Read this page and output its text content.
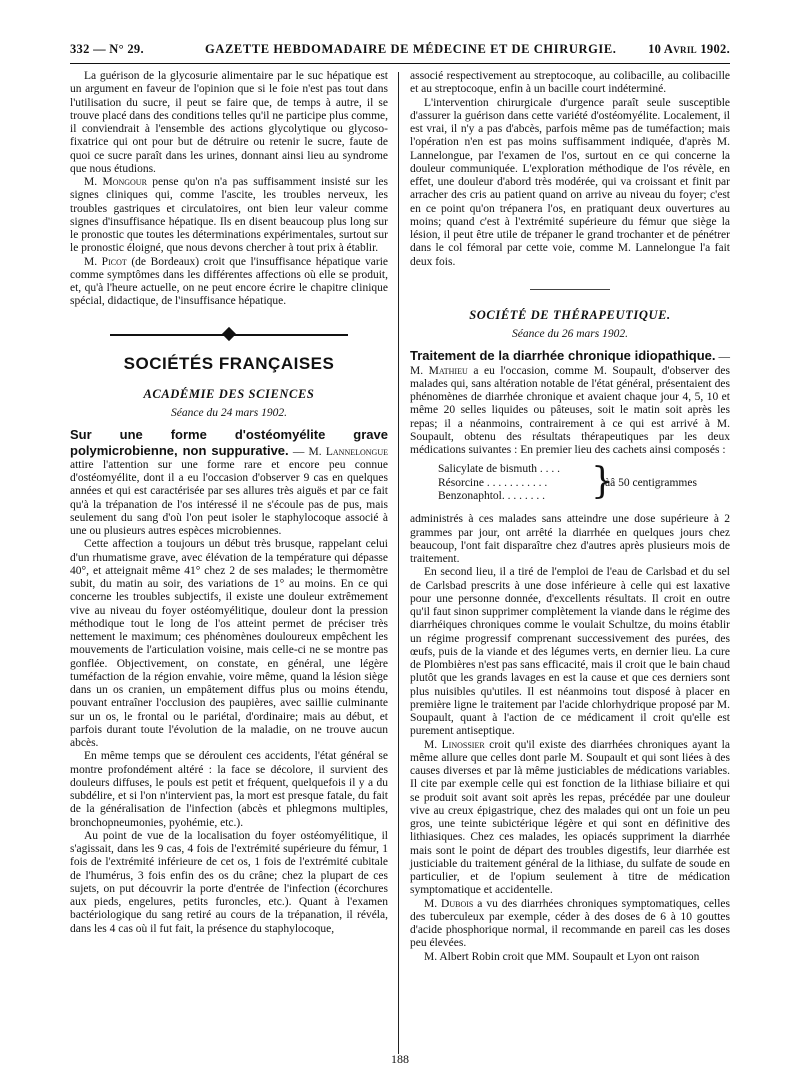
332 — N° 29.	GAZETTE HEBDOMADAIRE DE MÉDECINE ET DE CHIRURGIE.	10 Avril 1902.

La guérison de la glycosurie alimentaire par le suc hépatique est un argument en faveur de l'opinion que si le foie n'est pas tout dans l'utilisation du sucre, il peut se faire que, de temps à autre, il se trouve placé dans des conditions telles qu'il ne participe plus comme, il conviendrait à l'ensemble des actions glycolytique ou glycoso-fixatrice qui ont pour but de détruire ou retenir le sucre, faute de quoi ce sucre paraît dans les urines, donnant ainsi lieu au syndrome que nous étudions.

M. Mongour pense qu'on n'a pas suffisamment insisté sur les signes cliniques qui, comme l'ascite, les troubles nerveux, les troubles gastriques et circulatoires, ont bien leur valeur comme signes d'insuffisance hépatique. Ils en disent beaucoup plus long sur le pronostic que toutes les déterminations expérimentales, surtout sur le pronostic éloigné, que nous devons chercher à tout prix à établir.

M. Picot (de Bordeaux) croit que l'insuffisance hépatique varie comme symptômes dans les différentes affections où elle se produit, et, qu'à l'heure actuelle, on ne peut encore écrire le chapitre clinique spécial, didactique, de l'insuffisance hépatique.

SOCIÉTÉS FRANÇAISES
ACADÉMIE DES SCIENCES
Séance du 24 mars 1902.

Sur une forme d'ostéomyélite grave polymicrobienne, non suppurative. — M. Lannelongue attire l'attention sur une forme rare et encore peu connue d'ostéomyélite, dont il a eu l'occasion d'observer 9 cas en quelques années et qui est caractérisée par ses allures très aiguës et par ce fait qu'à la trépanation de l'os intéressé il ne s'écoule pas de pus, mais seulement du sang d'où l'on peut isoler le staphylocoque associé à une ou plusieurs autres espèces microbiennes.

Cette affection a toujours un début très brusque, rappelant celui d'un rhumatisme grave, avec élévation de la température qui dépasse 40°, et atteignait même 41° chez 2 de ses malades; le thermomètre subit, du matin au soir, des variations de 1° au moins. En ce qui concerne les troubles subjectifs, il existe une douleur extrêmement vive au niveau du foyer ostéomyélitique, douleur dont la pression méthodique tout le long de l'os atteint permet de préciser très nettement le maximum; ces phénomènes douloureux empêchent les mouvements de l'articulation voisine, mais celle-ci ne se montre pas gonflée. Objectivement, on constate, en général, une légère tuméfaction de la région envahie, voire même, quand la lésion siège dans un os cranien, un empâtement diffus plus ou moins étendu, pouvant entraîner l'occlusion des paupières, avec saillie culminante sur un os, le frontal ou le pariétal, d'ordinaire; mais au début, et parfois durant toute l'évolution de la maladie, on ne trouve aucun abcès.

En même temps que se déroulent ces accidents, l'état général se montre profondément altéré : la face se décolore, il survient des douleurs diffuses, le pouls est petit et fréquent, quelquefois il y a du subdélire, et si l'on n'intervient pas, la mort est presque fatale, du fait de la généralisation de l'infection (abcès et phlegmons multiples, bronchopneumonies, pyohémie, etc.).

Au point de vue de la localisation du foyer ostéomyélitique, il s'agissait, dans les 9 cas, 4 fois de l'extrémité supérieure du fémur, 1 fois de l'extrémité inférieure de cet os, 1 fois de l'extrémité cubitale de l'humérus, 3 fois enfin des os du crâne; chez la plupart de ces sujets, on put découvrir la porte d'entrée de l'infection (écorchures aux pieds, engelures, petits furoncles, etc.). Quant à l'examen bactériologique du sang retiré au cours de la trépanation, il révéla, dans les 4 cas où il fut fait, la présence du staphylocoque,

associé respectivement au streptocoque, au colibacille, au colibacille et au streptocoque, enfin à un bacille court indéterminé.

L'intervention chirurgicale d'urgence paraît seule susceptible d'assurer la guérison dans cette variété d'ostéomyélite. Localement, il est vrai, il n'y a pas d'abcès, parfois même pas de tuméfaction; mais l'opération n'en est pas moins suffisamment indiquée, d'après M. Lannelongue, par l'examen de l'os, surtout en ce qui concerne la douleur communiquée. L'exploration méthodique de l'os révèle, en effet, une douleur d'abord très modérée, qui va croissant et finit par arracher des cris au patient quand on arrive au niveau du foyer; c'est en ce point qu'on trépanera l'os, en pratiquant deux ouvertures au moins; quand c'est à l'extrémité supérieure du fémur que siège la lésion, il peut être utile de trépaner le grand trochanter et de pénétrer dans le col fémoral par cette voie, comme M. Lannelongue l'a fait deux fois.

SOCIÉTÉ DE THÉRAPEUTIQUE.
Séance du 26 mars 1902.

Traitement de la diarrhée chronique idiopathique. — M. Mathieu a eu l'occasion, comme M. Soupault, d'observer des malades qui, sans altération notable de l'état général, présentaient des phénomènes de diarrhée chronique et avaient chaque jour 4, 5, 10 et même 20 selles liquides ou pâteuses, soit le matin soit après les repas; il a néanmoins, contrairement à ce qui est arrivé à M. Soupault, obtenu des résultats thérapeutiques par les deux médications suivantes : En premier lieu des cachets ainsi composés :

Salicylate de bismuth . . . .
Résorcine . . . . . . . . . . .
Benzonaphtol. . . . . . . .	}
àâ 50 centigrammes

administrés à ces malades sans atteindre une dose supérieure à 2 grammes par jour, ont arrêté la diarrhée en quelques jours chez beaucoup, l'ont fait disparaître chez d'autres après plusieurs mois de traitement.

En second lieu, il a tiré de l'emploi de l'eau de Carlsbad et du sel de Carlsbad prescrits à une dose inférieure à celle qui est laxative pour une personne donnée, d'excellents résultats. Il croit en outre qu'il faut sinon supprimer complètement la viande dans le régime des diarrhéiques chroniques comme le voulait Schultze, du moins établir un régime progressif comprenant successivement des purées, des œufs, puis de la viande et des légumes verts, en dernier lieu. La cure de Plombières n'est pas sans efficacité, mais il croit que le bain chaud plutôt que les grands lavages en est la cause et que ces derniers sont plus nuisibles qu'utiles. Il est néanmoins tout disposé à placer en première ligne le traitement par l'acide chlorhydrique proposé par M. Soupault, quant à l'action de ce médicament il croit qu'elle est purement antiseptique.

M. Linossier croit qu'il existe des diarrhées chroniques ayant la même allure que celles dont parle M. Soupault et qui sont liées à des causes diverses et par là même justiciables de médications variables. Il cite par exemple celle qui est fonction de la lithiase biliaire et qui se produit soit avant soit après les repas, précédée par une douleur vive au creux épigastrique, chez des malades qui ont un foie un peu gros, une teinte subictérique légère et qui sont en définitive des lithiasiques. Chez ces malades, les opiacés suppriment la diarrhée mais sont le point de départ des troubles digestifs, leur diarrhée est justiciable du traitement général de la lithiase, du sulfate de soude en particulier, et de l'opium seulement à titre de médication symptomatique et accidentelle.

M. Dubois a vu des diarrhées chroniques symptomatiques, celles des tuberculeux par exemple, céder à des doses de 6 à 10 gouttes d'acide phosphorique normal, il recommande en pareil cas les doses peu élevées.

M. Albert Robin croit que MM. Soupault et Lyon ont raison

188
